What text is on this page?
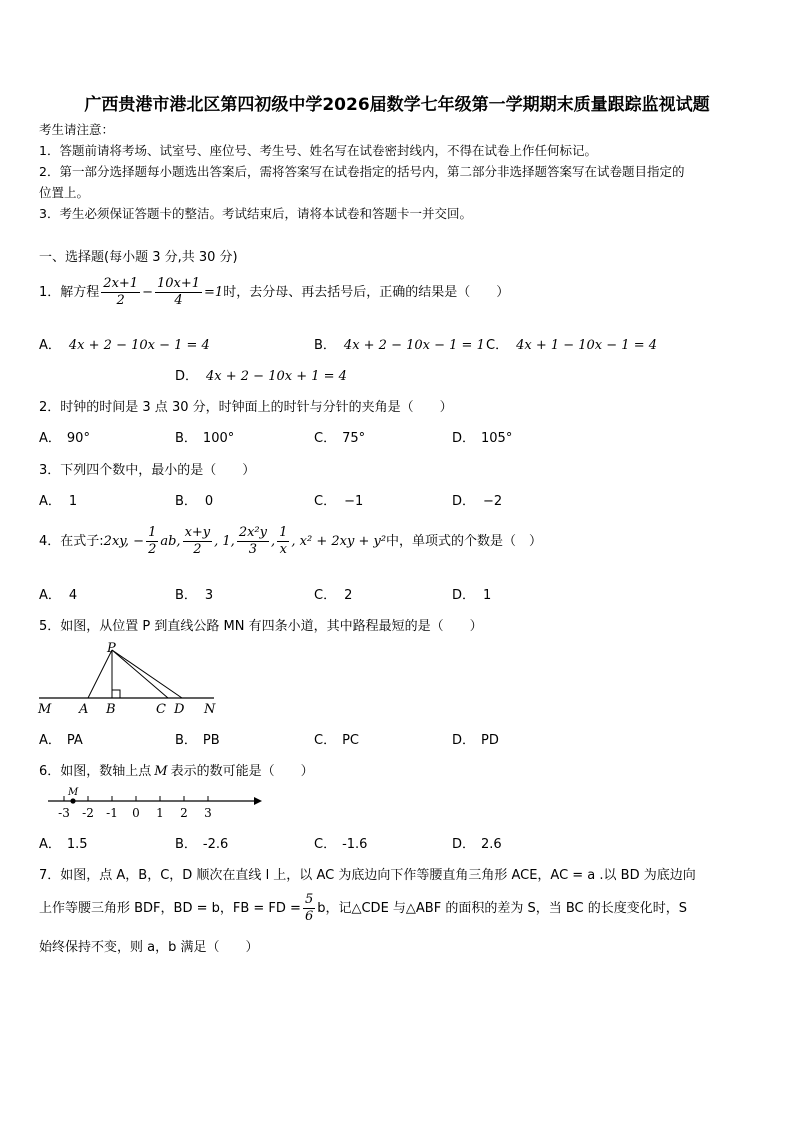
广西贵港市港北区第四初级中学2026届数学七年级第一学期期末质量跟踪监视试题
考生请注意：
1．答题前请将考场、试室号、座位号、考生号、姓名写在试卷密封线内，不得在试卷上作任何标记。
2．第一部分选择题每小题选出答案后，需将答案写在试卷指定的括号内，第二部分非选择题答案写在试卷题目指定的
位置上。
3．考生必须保证答题卡的整洁。考试结束后，请将本试卷和答题卡一并交回。
一、选择题(每小题 3 分,共 30 分)
1．解方程 $\frac{2x+1}{2} - \frac{10x+1}{4} =1$时，去分母、再去括号后，正确的结果是（　　）
A． 4x + 2 − 10x − 1 = 4	B． 4x + 2 − 10x − 1 = 1 C． 4x + 1 − 10x − 1 = 4
D． 4x + 2 − 10x + 1 = 4
2．时钟的时间是 3 点 30 分，时钟面上的时针与分针的夹角是（　　）
A． 90°	B． 100°	C． 75°	D． 105°
3．下列四个数中，最小的是（　　）
A． 1	B． 0	C． −1	D． −2
4．在式子:2xy, − $\frac{1}{2}$ ab, $\frac{x+y}{2}$ , 1, $\frac{\text{2x²y}}{3}$ , $\frac{1}{x}$ , x² + 2xy + y²中，单项式的个数是（　）
A． 4	B． 3	C． 2	D． 1
5．如图，从位置 P 到直线公路 MN 有四条小道，其中路程最短的是（　　）
P
M A B	C D N
A． PA	B． PB	C． PC	D． PD
6．如图，数轴上点 M 表示的数可能是（　　）
-3 -2 -1 0 1 2 3
M
A． 1.5	B． -2.6	C． -1.6	D． 2.6
7．如图，点 A，B，C，D 顺次在直线 l 上，以 AC 为底边向下作等腰直角三角形 ACE，AC = a .以 BD 为底边向
上作等腰三角形 BDF，BD = b，FB = FD = $\frac{5}{6}$ b，记△CDE 与△ABF 的面积的差为 S，当 BC 的长度变化时，S
始终保持不变，则 a，b 满足（　　）
